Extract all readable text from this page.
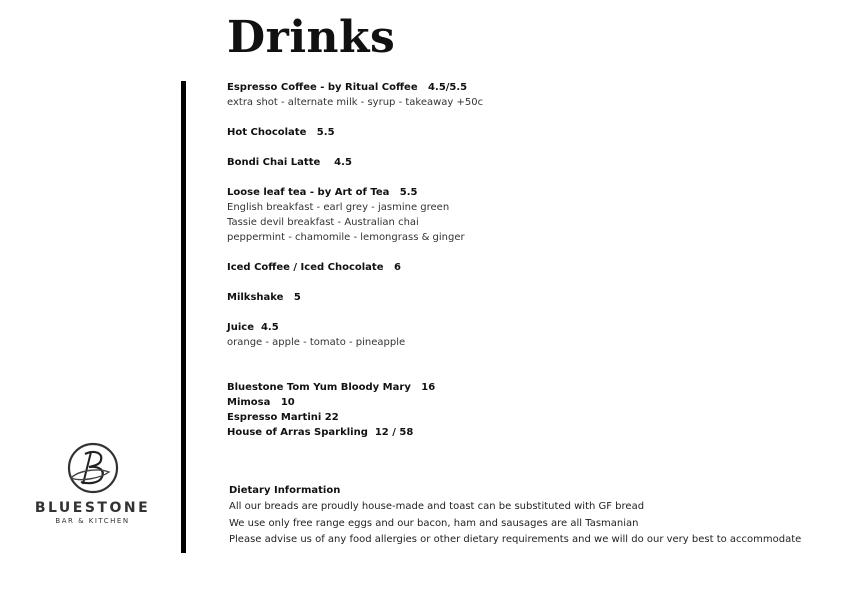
Drinks
Espresso Coffee - by Ritual Coffee   4.5/5.5
extra shot - alternate milk - syrup - takeaway +50c
Hot Chocolate   5.5
Bondi Chai Latte    4.5
Loose leaf tea - by Art of Tea   5.5
English breakfast - earl grey - jasmine green
Tassie devil breakfast - Australian chai
peppermint - chamomile - lemongrass & ginger
Iced Coffee / Iced Chocolate   6
Milkshake   5
Juice  4.5
orange - apple - tomato - pineapple
Bluestone Tom Yum Bloody Mary   16
Mimosa   10
Espresso Martini 22
House of Arras Sparkling  12 / 58
Dietary Information
All our breads are proudly house-made and toast can be substituted with GF bread
We use only free range eggs and our bacon, ham and sausages are all Tasmanian
Please advise us of any food allergies or other dietary requirements and we will do our very best to accommodate
BLUESTONE
BAR & KITCHEN
